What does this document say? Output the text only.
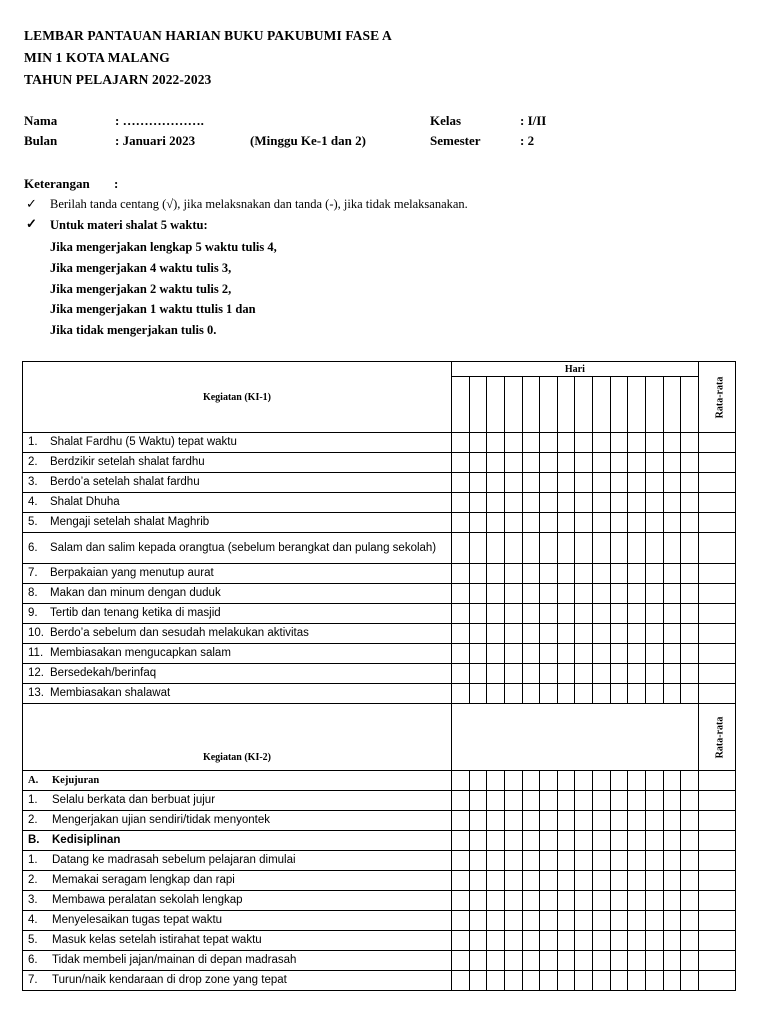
LEMBAR PANTAUAN HARIAN BUKU PAKUBUMI FASE A
MIN 1 KOTA MALANG
TAHUN PELAJARN 2022-2023
Nama	: ……………….	Kelas	: I/II
Bulan	: Januari 2023	(Minggu Ke-1 dan 2)	Semester	: 2
Keterangan :
✓ Berilah tanda centang (√), jika melaksnakan dan tanda (-), jika tidak melaksanakan.
✓ Untuk materi shalat 5 waktu:
Jika mengerjakan lengkap 5 waktu tulis 4,
Jika mengerjakan 4 waktu tulis 3,
Jika mengerjakan 2 waktu tulis 2,
Jika mengerjakan 1 waktu ttulis 1 dan
Jika tidak mengerjakan tulis 0.
Kegiatan (KI-1)	Hari														Rata-rata

1. Shalat Fardhu (5 Waktu) tepat waktu															
2. Berdzikir setelah shalat fardhu															
3. Berdo’a setelah shalat fardhu															
4. Shalat Dhuha															
5. Mengaji setelah shalat Maghrib															
6. Salam dan salim kepada orangtua (sebelum berangkat dan pulang sekolah)															
7. Berpakaian yang menutup aurat															
8. Makan dan minum dengan duduk															
9. Tertib dan tenang ketika di masjid															
10. Berdo’a sebelum dan sesudah melakukan aktivitas															
11. Membiasakan mengucapkan salam															
12. Bersedekah/berinfaq															
13. Membiasakan shalawat															
Kegiatan (KI-2)															Rata-rata
A. Kejujuran															
1. Selalu berkata dan berbuat jujur															
2. Mengerjakan ujian sendiri/tidak menyontek															
B. Kedisiplinan															
1. Datang ke madrasah sebelum pelajaran dimulai															
2. Memakai seragam lengkap dan rapi															
3. Membawa peralatan sekolah lengkap															
4. Menyelesaikan tugas tepat waktu															
5. Masuk kelas setelah istirahat tepat waktu															
6. Tidak membeli jajan/mainan di depan madrasah															
7. Turun/naik kendaraan di drop zone yang tepat															
